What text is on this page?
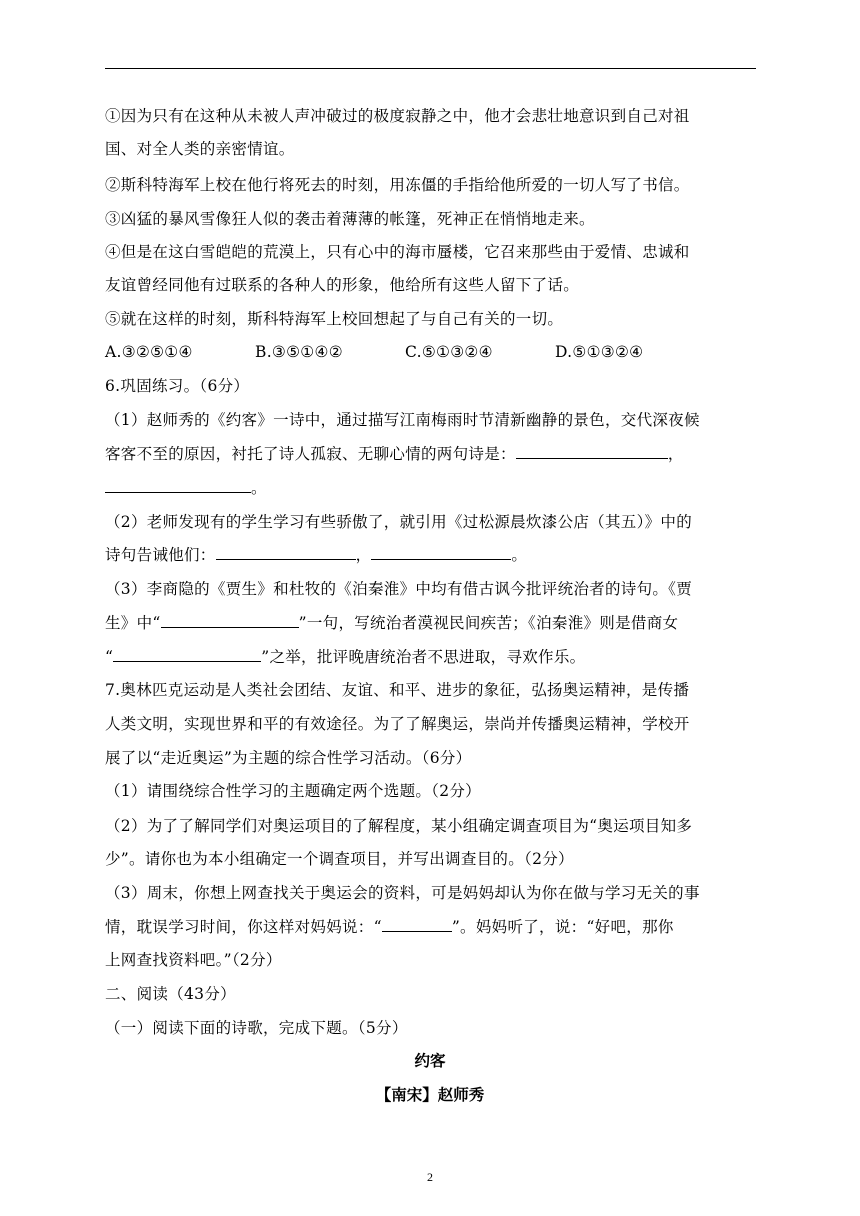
①因为只有在这种从未被人声冲破过的极度寂静之中，他才会悲壮地意识到自己对祖
国、对全人类的亲密情谊。
②斯科特海军上校在他行将死去的时刻，用冻僵的手指给他所爱的一切人写了书信。
③凶猛的暴风雪像狂人似的袭击着薄薄的帐篷，死神正在悄悄地走来。
④但是在这白雪皑皑的荒漠上，只有心中的海市蜃楼，它召来那些由于爱情、忠诚和
友谊曾经同他有过联系的各种人的形象，他给所有这些人留下了话。
⑤就在这样的时刻，斯科特海军上校回想起了与自己有关的一切。
A.③②⑤①④	B.③⑤①④②	C.⑤①③②④	D.⑤①③②④
6.巩固练习。（6分）
（1）赵师秀的《约客》一诗中，通过描写江南梅雨时节清新幽静的景色，交代深夜候
客客不至的原因，衬托了诗人孤寂、无聊心情的两句诗是：	，
。
（2）老师发现有的学生学习有些骄傲了，就引用《过松源晨炊漆公店（其五）》中的
诗句告诫他们：	，	。
（3）李商隐的《贾生》和杜牧的《泊秦淮》中均有借古讽今批评统治者的诗句。《贾
生》中“	”一句，写统治者漠视民间疾苦；《泊秦淮》则是借商女
“	”之举，批评晚唐统治者不思进取，寻欢作乐。
7.奥林匹克运动是人类社会团结、友谊、和平、进步的象征，弘扬奥运精神，是传播
人类文明，实现世界和平的有效途径。为了了解奥运，崇尚并传播奥运精神，学校开
展了以“走近奥运”为主题的综合性学习活动。（6分）
（1）请围绕综合性学习的主题确定两个选题。（2分）
（2）为了了解同学们对奥运项目的了解程度，某小组确定调查项目为“奥运项目知多
少”。请你也为本小组确定一个调查项目，并写出调查目的。（2分）
（3）周末，你想上网查找关于奥运会的资料，可是妈妈却认为你在做与学习无关的事
情，耽误学习时间，你这样对妈妈说：“	”。妈妈听了，说：“好吧，那你
上网查找资料吧。”（2分）
二、阅读（43分）
（一）阅读下面的诗歌，完成下题。（5分）
约客
【南宋】赵师秀
2
